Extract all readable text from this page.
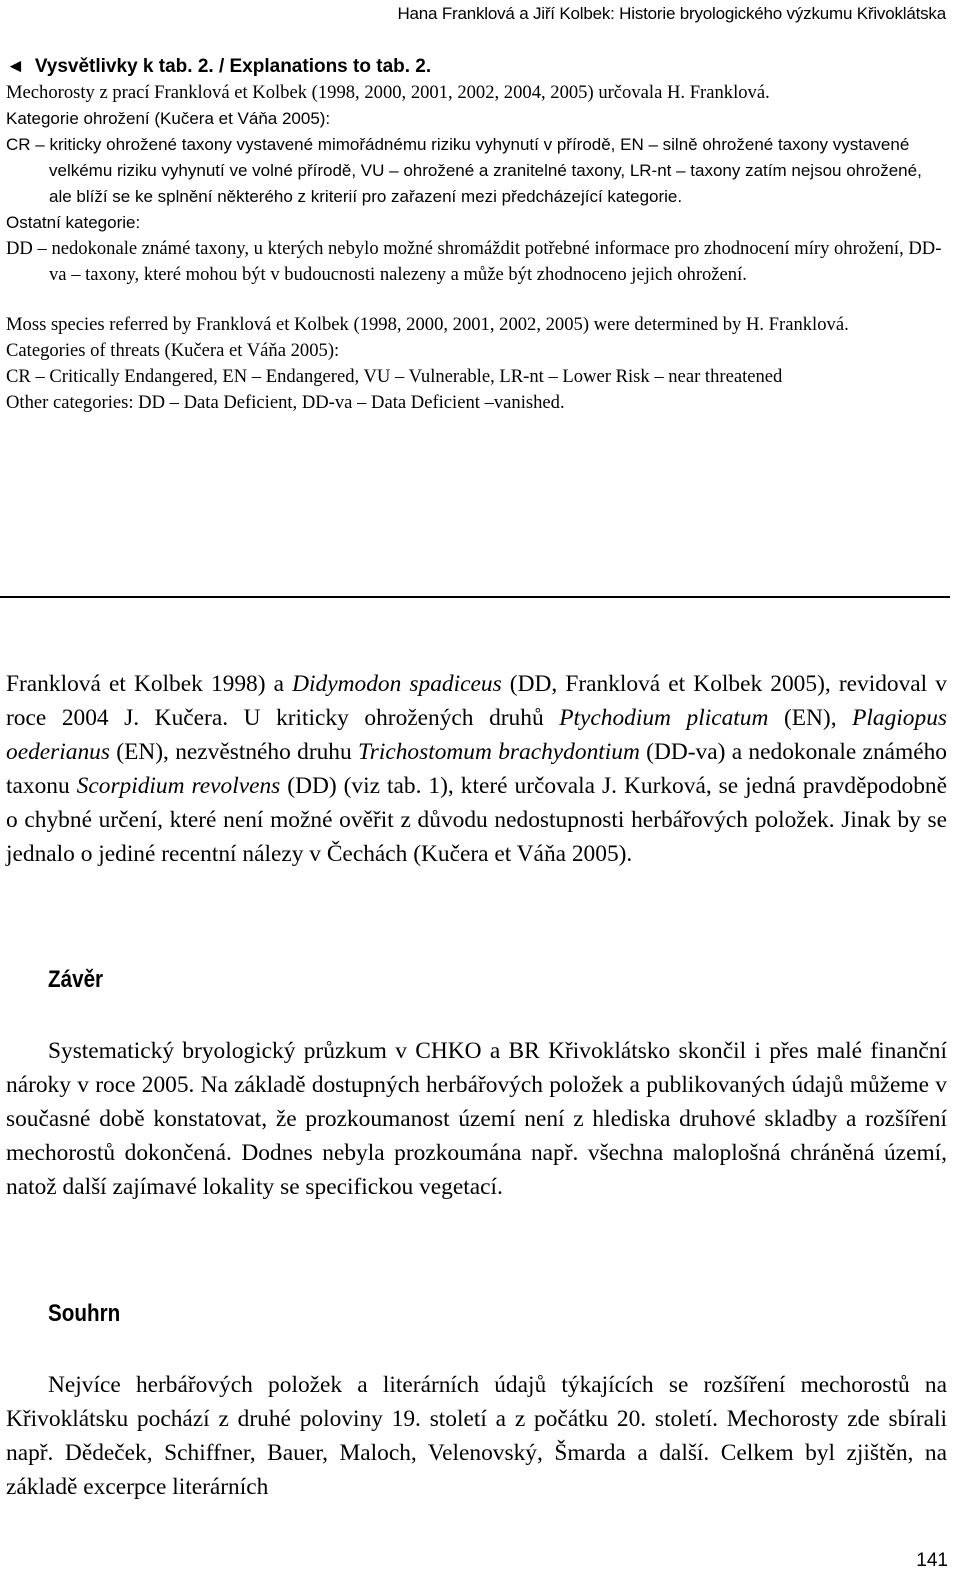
Hana Franklová a Jiří Kolbek: Historie bryologického výzkumu Křivoklátska

◄ Vysvětlivky k tab. 2. / Explanations to tab. 2.

Mechorosty z prací Franklová et Kolbek (1998, 2000, 2001, 2002, 2004, 2005) určovala H. Franklová.

Kategorie ohrožení (Kučera et Váňa 2005):

CR – kriticky ohrožené taxony vystavené mimořádnému riziku vyhynutí v přírodě, EN – silně ohrožené taxony vystavené velkému riziku vyhynutí ve volné přírodě, VU – ohrožené a zranitelné taxony, LR-nt – taxony zatím nejsou ohrožené, ale blíží se ke splnění některého z kriterií pro zařazení mezi předcházející kategorie.

Ostatní kategorie:

DD – nedokonale známé taxony, u kterých nebylo možné shromáždit potřebné informace pro zhodnocení míry ohrožení, DD-va – taxony, které mohou být v budoucnosti nalezeny a může být zhodnoceno jejich ohrožení.

Moss species referred by Franklová et Kolbek (1998, 2000, 2001, 2002, 2005) were determined by H. Franklová.

Categories of threats (Kučera et Váňa 2005):

CR – Critically Endangered, EN – Endangered, VU – Vulnerable, LR-nt – Lower Risk – near threatened

Other categories: DD – Data Deficient, DD-va – Data Deficient –vanished.

Franklová et Kolbek 1998) a Didymodon spadiceus (DD, Franklová et Kolbek 2005), revidoval v roce 2004 J. Kučera. U kriticky ohrožených druhů Ptychodium plicatum (EN), Plagiopus oederianus (EN), nezvěstného druhu Trichostomum brachydontium (DD-va) a nedokonale známého taxonu Scorpidium revolvens (DD) (viz tab. 1), které určovala J. Kurková, se jedná pravděpodobně o chybné určení, které není možné ověřit z důvodu nedostupnosti herbářových položek. Jinak by se jednalo o jediné recentní nálezy v Čechách (Kučera et Váňa 2005).

Závěr

Systematický bryologický průzkum v CHKO a BR Křivoklátsko skončil i přes malé finanční nároky v roce 2005. Na základě dostupných herbářových položek a publikovaných údajů můžeme v současné době konstatovat, že prozkoumanost území není z hlediska druhové skladby a rozšíření mechorostů dokončená. Dodnes nebyla prozkoumána např. všechna maloplošná chráněná území, natož další zajímavé lokality se specifickou vegetací.

Souhrn

Nejvíce herbářových položek a literárních údajů týkajících se rozšíření mechorostů na Křivoklátsku pochází z druhé poloviny 19. století a z počátku 20. století. Mechorosty zde sbírali např. Dědeček, Schiffner, Bauer, Maloch, Velenovský, Šmarda a další. Celkem byl zjištěn, na základě excerpce literárních

141
